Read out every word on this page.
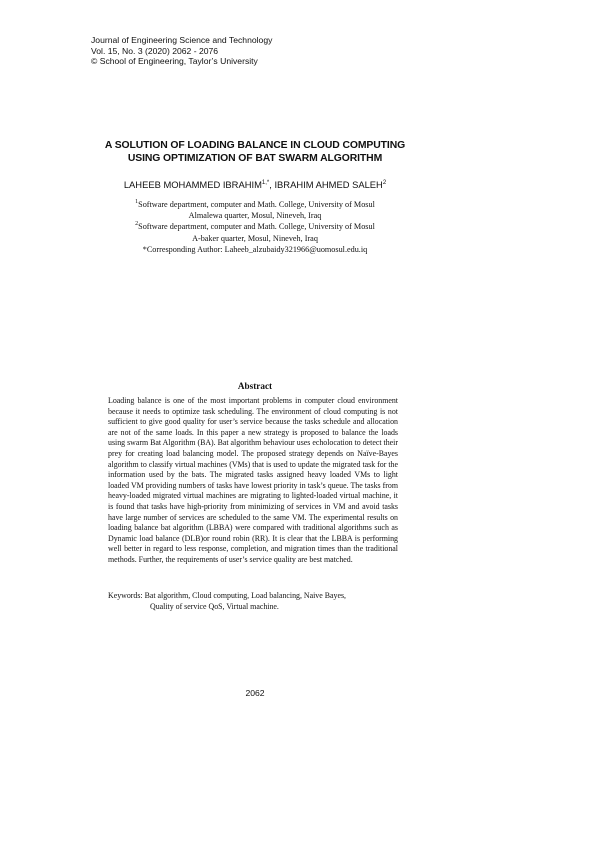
Journal of Engineering Science and Technology
Vol. 15, No. 3 (2020) 2062 - 2076
© School of Engineering, Taylor’s University
A SOLUTION OF LOADING BALANCE IN CLOUD COMPUTING
USING OPTIMIZATION OF BAT SWARM ALGORITHM
LAHEEB MOHAMMED $IBRAHIM^{1,*}$, IBRAHIM AHMED SALEH$^2$
$^1$Software department, computer and Math. College, University of Mosul
Almalewa quarter, Mosul, Nineveh, Iraq
$^2$Software department, computer and Math. College, University of Mosul
A-baker quarter, Mosul, Nineveh, Iraq
*Corresponding Author: Laheeb_alzubaidy321966@uomosul.edu.iq
Abstract
Loading balance is one of the most important problems in computer cloud environment because it needs to optimize task scheduling. The environment of cloud computing is not sufficient to give good quality for user’s service because the tasks schedule and allocation are not of the same loads. In this paper a new strategy is proposed to balance the loads using swarm Bat Algorithm (BA). Bat algorithm behaviour uses echolocation to detect their prey for creating load balancing model. The proposed strategy depends on Naïve-Bayes algorithm to classify virtual machines (VMs) that is used to update the migrated task for the information used by the bats. The migrated tasks assigned heavy loaded VMs to light loaded VM providing numbers of tasks have lowest priority in task’s queue. The tasks from heavy-loaded migrated virtual machines are migrating to lighted-loaded virtual machine, it is found that tasks have high-priority from minimizing of services in VM and avoid tasks have large number of services are scheduled to the same VM. The experimental results on loading balance bat algorithm (LBBA) were compared with traditional algorithms such as Dynamic load balance (DLB)or round robin (RR). It is clear that the LBBA is performing well better in regard to less response, completion, and migration times than the traditional methods. Further, the requirements of user’s service quality are best matched.
Keywords: Bat algorithm, Cloud computing, Load balancing, Naive Bayes,
Quality of service QoS, Virtual machine.
2062
